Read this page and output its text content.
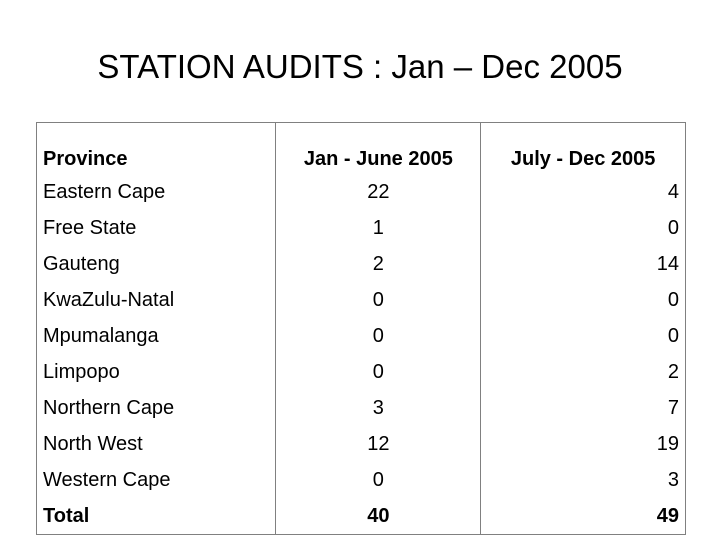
STATION AUDITS : Jan – Dec 2005
Province	Jan - June 2005	July - Dec 2005
Eastern Cape	22	4
Free State	1	0
Gauteng	2	14
KwaZulu-Natal	0	0
Mpumalanga	0	0
Limpopo	0	2
Northern Cape	3	7
North West	12	19
Western Cape	0	3
Total	40	49
